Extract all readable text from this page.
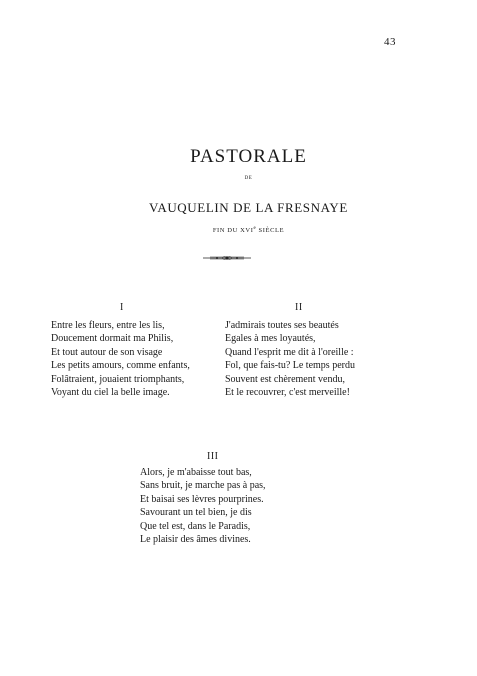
43
PASTORALE
DE
VAUQUELIN DE LA FRESNAYE
FIN DU XVIe SIÈCLE
I
Entre les fleurs, entre les lis,
Doucement dormait ma Philis,
Et tout autour de son visage
Les petits amours, comme enfants,
Folâtraient, jouaient triomphants,
Voyant du ciel la belle image.
II
J'admirais toutes ses beautés
Egales à mes loyautés,
Quand l'esprit me dit à l'oreille :
Fol, que fais-tu? Le temps perdu
Souvent est chèrement vendu,
Et le recouvrer, c'est merveille!
III
Alors, je m'abaisse tout bas,
Sans bruit, je marche pas à pas,
Et baisai ses lèvres pourprines.
Savourant un tel bien, je dis
Que tel est, dans le Paradis,
Le plaisir des âmes divines.
